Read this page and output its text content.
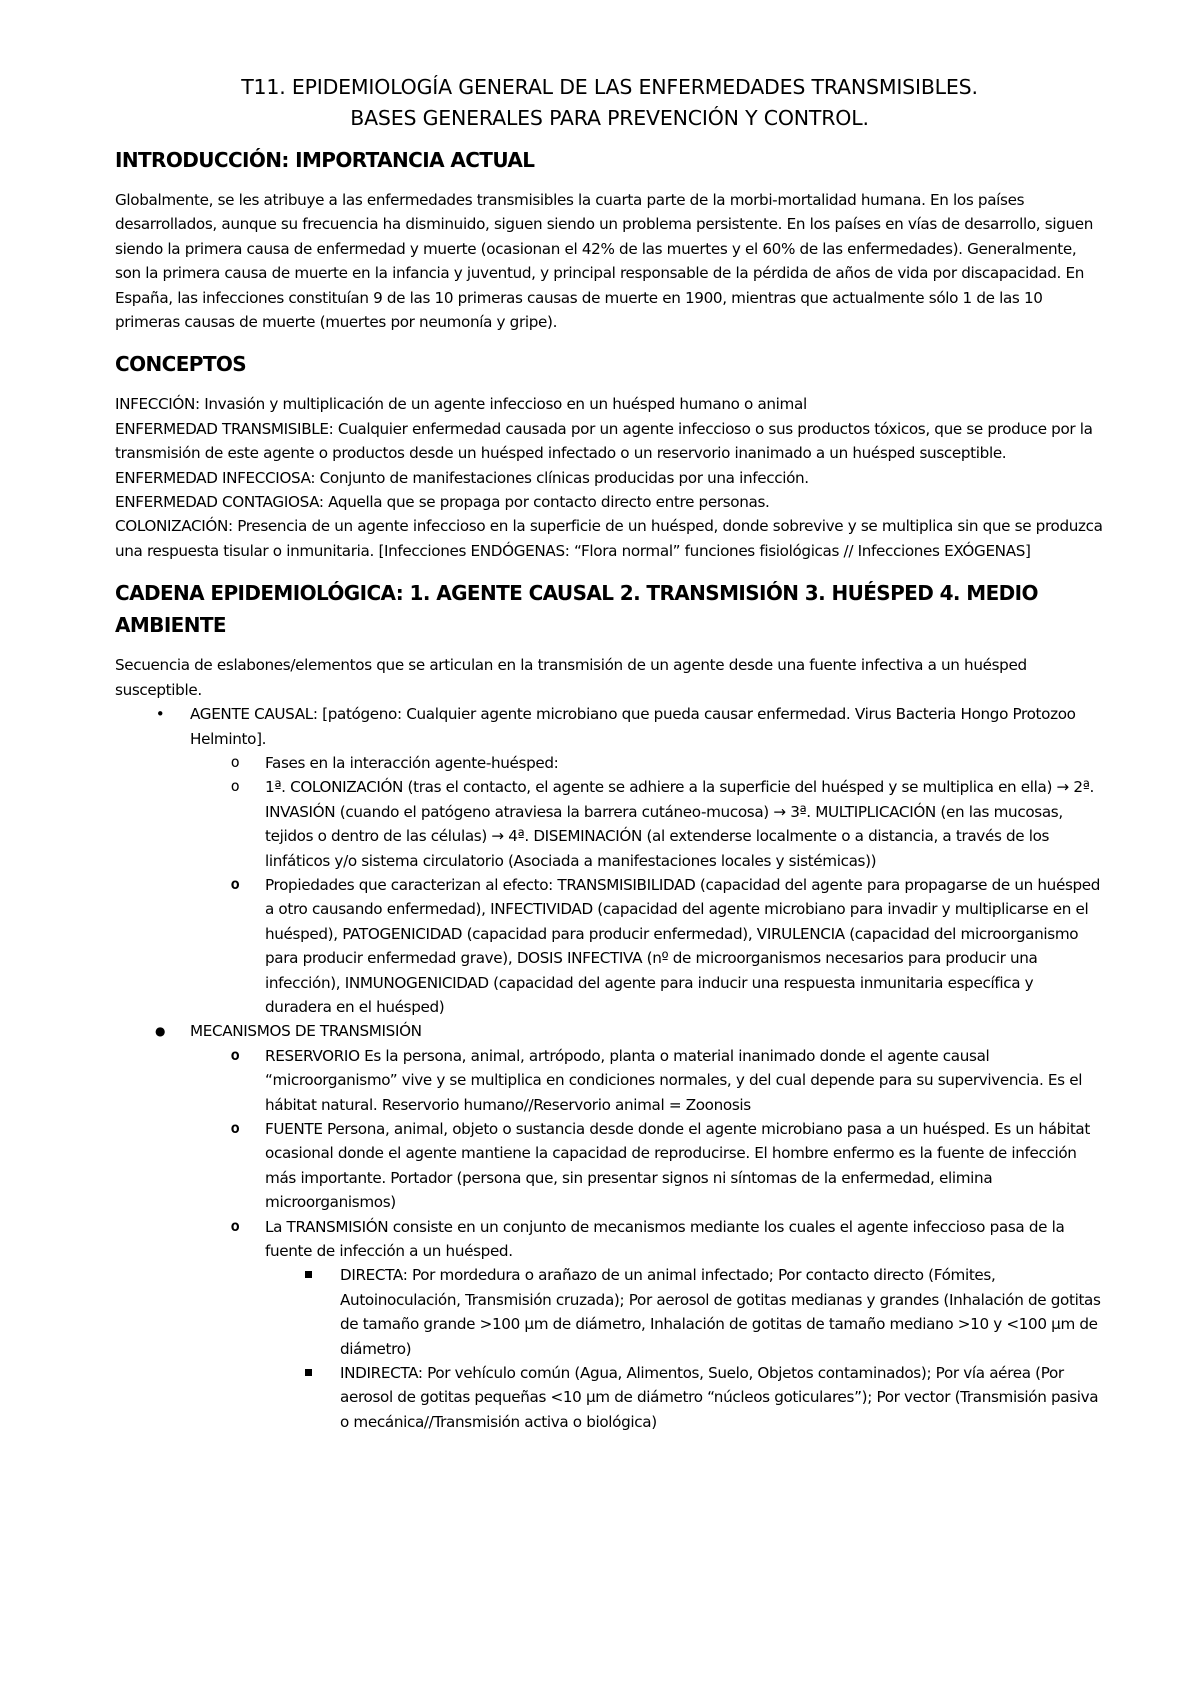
T11. EPIDEMIOLOGÍA GENERAL DE LAS ENFERMEDADES TRANSMISIBLES.
BASES GENERALES PARA PREVENCIÓN Y CONTROL.
INTRODUCCIÓN: IMPORTANCIA ACTUAL

Globalmente, se les atribuye a las enfermedades transmisibles la cuarta parte de la morbi-mortalidad humana. En los países desarrollados, aunque su frecuencia ha disminuido, siguen siendo un problema persistente. En los países en vías de desarrollo, siguen siendo la primera causa de enfermedad y muerte (ocasionan el 42% de las muertes y el 60% de las enfermedades). Generalmente, son la primera causa de muerte en la infancia y juventud, y principal responsable de la pérdida de años de vida por discapacidad. En España, las infecciones constituían 9 de las 10 primeras causas de muerte en 1900, mientras que actualmente sólo 1 de las 10 primeras causas de muerte (muertes por neumonía y gripe).

CONCEPTOS

INFECCIÓN: Invasión y multiplicación de un agente infeccioso en un huésped humano o animal

ENFERMEDAD TRANSMISIBLE: Cualquier enfermedad causada por un agente infeccioso o sus productos tóxicos, que se produce por la transmisión de este agente o productos desde un huésped infectado o un reservorio inanimado a un huésped susceptible.

ENFERMEDAD INFECCIOSA: Conjunto de manifestaciones clínicas producidas por una infección.

ENFERMEDAD CONTAGIOSA: Aquella que se propaga por contacto directo entre personas.

COLONIZACIÓN: Presencia de un agente infeccioso en la superficie de un huésped, donde sobrevive y se multiplica sin que se produzca una respuesta tisular o inmunitaria. [Infecciones ENDÓGENAS: “Flora normal” funciones fisiológicas // Infecciones EXÓGENAS]

CADENA EPIDEMIOLÓGICA: 1. AGENTE CAUSAL 2. TRANSMISIÓN 3. HUÉSPED 4. MEDIO AMBIENTE

Secuencia de eslabones/elementos que se articulan en la transmisión de un agente desde una fuente infectiva a un huésped susceptible.

• AGENTE CAUSAL: [patógeno: Cualquier agente microbiano que pueda causar enfermedad. Virus Bacteria Hongo Protozoo Helminto].
o Fases en la interacción agente-huésped:
o 1ª. COLONIZACIÓN (tras el contacto, el agente se adhiere a la superficie del huésped y se multiplica en ella) → 2ª. INVASIÓN (cuando el patógeno atraviesa la barrera cutáneo-mucosa) → 3ª. MULTIPLICACIÓN (en las mucosas, tejidos o dentro de las células) → 4ª. DISEMINACIÓN (al extenderse localmente o a distancia, a través de los linfáticos y/o sistema circulatorio (Asociada a manifestaciones locales y sistémicas))
o Propiedades que caracterizan al efecto: TRANSMISIBILIDAD (capacidad del agente para propagarse de un huésped a otro causando enfermedad), INFECTIVIDAD (capacidad del agente microbiano para invadir y multiplicarse en el huésped), PATOGENICIDAD (capacidad para producir enfermedad), VIRULENCIA (capacidad del microorganismo para producir enfermedad grave), DOSIS INFECTIVA (nº de microorganismos necesarios para producir una infección), INMUNOGENICIDAD (capacidad del agente para inducir una respuesta inmunitaria específica y duradera en el huésped)
● MECANISMOS DE TRANSMISIÓN
o RESERVORIO Es la persona, animal, artrópodo, planta o material inanimado donde el agente causal “microorganismo” vive y se multiplica en condiciones normales, y del cual depende para su supervivencia. Es el hábitat natural. Reservorio humano//Reservorio animal = Zoonosis
o FUENTE Persona, animal, objeto o sustancia desde donde el agente microbiano pasa a un huésped. Es un hábitat ocasional donde el agente mantiene la capacidad de reproducirse. El hombre enfermo es la fuente de infección más importante. Portador (persona que, sin presentar signos ni síntomas de la enfermedad, elimina microorganismos)
o La TRANSMISIÓN consiste en un conjunto de mecanismos mediante los cuales el agente infeccioso pasa de la fuente de infección a un huésped.
DIRECTA: Por mordedura o arañazo de un animal infectado; Por contacto directo (Fómites, Autoinoculación, Transmisión cruzada); Por aerosol de gotitas medianas y grandes (Inhalación de gotitas de tamaño grande >100 µm de diámetro, Inhalación de gotitas de tamaño mediano >10 y <100 µm de diámetro)
INDIRECTA: Por vehículo común (Agua, Alimentos, Suelo, Objetos contaminados); Por vía aérea (Por aerosol de gotitas pequeñas <10 µm de diámetro “núcleos goticulares”); Por vector (Transmisión pasiva o mecánica//Transmisión activa o biológica)
